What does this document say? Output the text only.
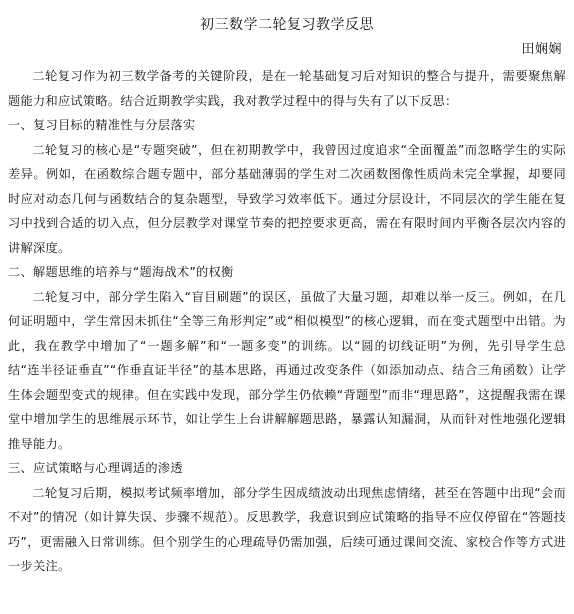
初三数学二轮复习教学反思
田娴娴

二轮复习作为初三数学备考的关键阶段，是在一轮基础复习后对知识的整合与提升，需要聚焦解题能力和应试策略。结合近期教学实践，我对教学过程中的得与失有了以下反思：

一、复习目标的精准性与分层落实

二轮复习的核心是“专题突破”，但在初期教学中，我曾因过度追求“全面覆盖”而忽略学生的实际差异。例如，在函数综合题专题中，部分基础薄弱的学生对二次函数图像性质尚未完全掌握，却要同时应对动态几何与函数结合的复杂题型，导致学习效率低下。通过分层设计，不同层次的学生能在复习中找到合适的切入点，但分层教学对课堂节奏的把控要求更高，需在有限时间内平衡各层次内容的讲解深度。

二、解题思维的培养与“题海战术”的权衡

二轮复习中，部分学生陷入“盲目刷题”的误区，虽做了大量习题，却难以举一反三。例如，在几何证明题中，学生常因未抓住“全等三角形判定”或“相似模型”的核心逻辑，而在变式题型中出错。为此，我在教学中增加了“一题多解”和“一题多变”的训练。以“圆的切线证明”为例，先引导学生总结“连半径证垂直”“作垂直证半径”的基本思路，再通过改变条件（如添加动点、结合三角函数）让学生体会题型变式的规律。但在实践中发现，部分学生仍依赖“背题型”而非“理思路”，这提醒我需在课堂中增加学生的思维展示环节，如让学生上台讲解解题思路，暴露认知漏洞，从而针对性地强化逻辑推导能力。

三、应试策略与心理调适的渗透

二轮复习后期，模拟考试频率增加，部分学生因成绩波动出现焦虑情绪，甚至在答题中出现“会而不对”的情况（如计算失误、步骤不规范）。反思教学，我意识到应试策略的指导不应仅停留在“答题技巧”，更需融入日常训练。但个别学生的心理疏导仍需加强，后续可通过课间交流、家校合作等方式进一步关注。
